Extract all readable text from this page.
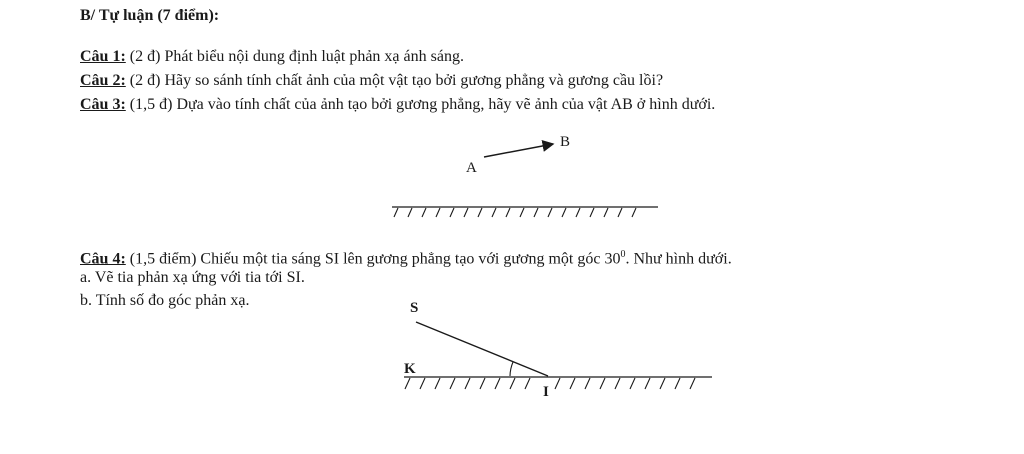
B/ Tự luận (7 điểm):
Câu 1: (2 đ) Phát biểu nội dung định luật phản xạ ánh sáng.
Câu 2: (2 đ) Hãy so sánh tính chất ảnh của một vật tạo bởi gương phẳng và gương cầu lồi?
Câu 3: (1,5 đ) Dựa vào tính chất của ảnh tạo bởi gương phẳng, hãy vẽ ảnh của vật AB ở hình dưới.
A
B
Câu 4: (1,5 điểm) Chiếu một tia sáng SI lên gương phẳng tạo với gương một góc $30^0$. Như hình dưới.
a. Vẽ tia phản xạ ứng với tia tới SI.
b. Tính số đo góc phản xạ.	S
K
I
